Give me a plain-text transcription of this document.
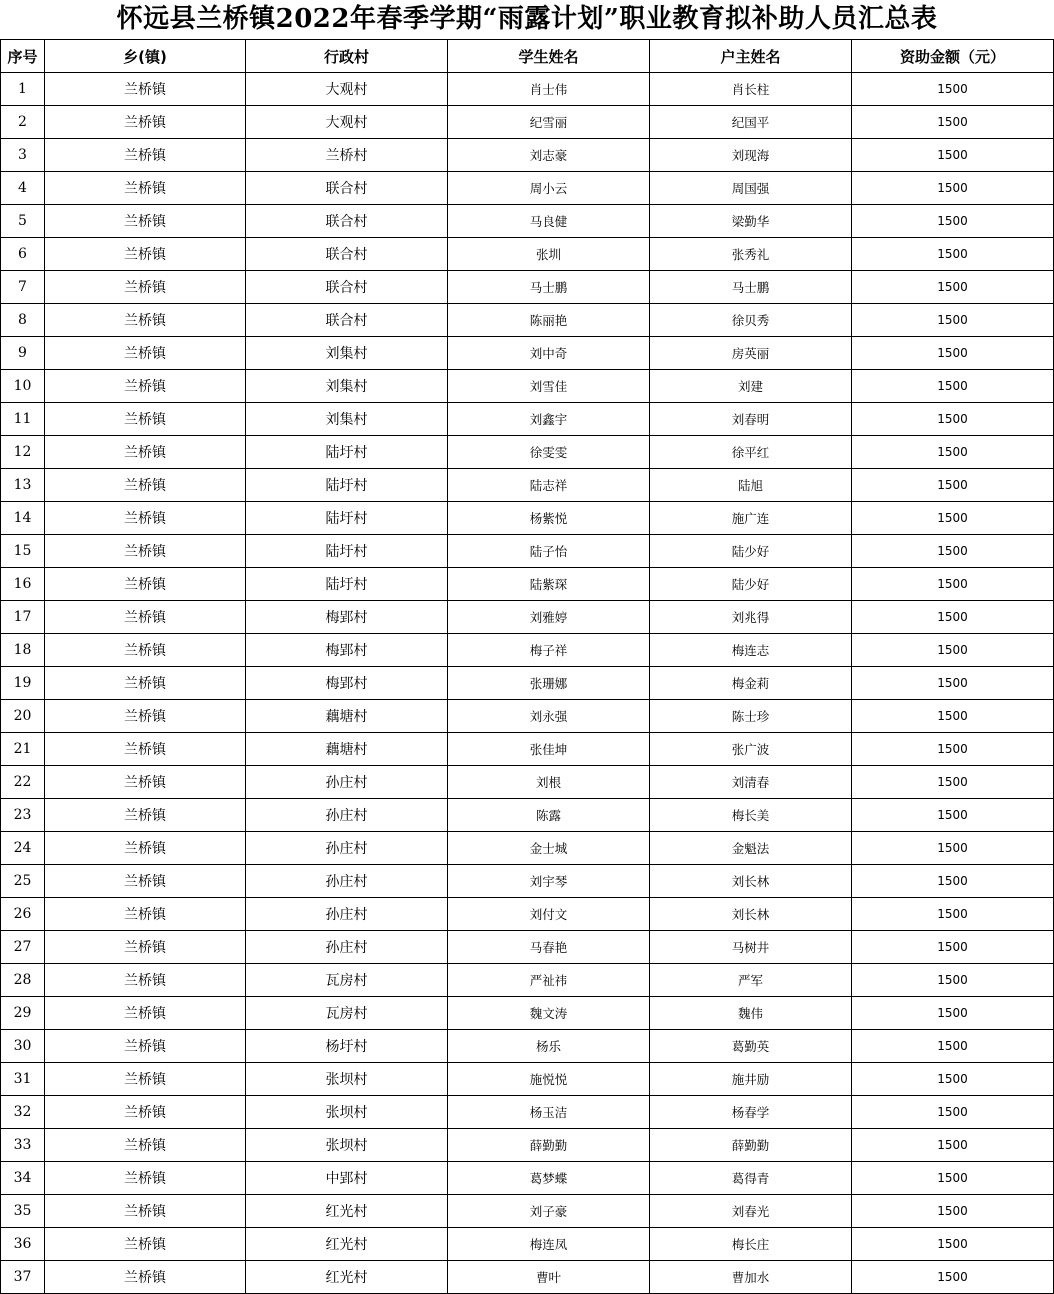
怀远县兰桥镇2022年春季学期“雨露计划”职业教育拟补助人员汇总表
序号	乡(镇)	行政村	学生姓名	户主姓名	资助金额（元）
1	兰桥镇	大观村	肖士伟	肖长柱	1500
2	兰桥镇	大观村	纪雪丽	纪国平	1500
3	兰桥镇	兰桥村	刘志豪	刘现海	1500
4	兰桥镇	联合村	周小云	周国强	1500
5	兰桥镇	联合村	马良健	梁勤华	1500
6	兰桥镇	联合村	张圳	张秀礼	1500
7	兰桥镇	联合村	马士鹏	马士鹏	1500
8	兰桥镇	联合村	陈丽艳	徐贝秀	1500
9	兰桥镇	刘集村	刘中奇	房英丽	1500
10	兰桥镇	刘集村	刘雪佳	刘建	1500
11	兰桥镇	刘集村	刘鑫宇	刘春明	1500
12	兰桥镇	陆圩村	徐雯雯	徐平红	1500
13	兰桥镇	陆圩村	陆志祥	陆旭	1500
14	兰桥镇	陆圩村	杨紫悦	施广连	1500
15	兰桥镇	陆圩村	陆子怡	陆少好	1500
16	兰桥镇	陆圩村	陆紫琛	陆少好	1500
17	兰桥镇	梅郢村	刘雅婷	刘兆得	1500
18	兰桥镇	梅郢村	梅子祥	梅连志	1500
19	兰桥镇	梅郢村	张珊娜	梅金莉	1500
20	兰桥镇	藕塘村	刘永强	陈士珍	1500
21	兰桥镇	藕塘村	张佳坤	张广波	1500
22	兰桥镇	孙庄村	刘根	刘清春	1500
23	兰桥镇	孙庄村	陈露	梅长美	1500
24	兰桥镇	孙庄村	金士城	金魁法	1500
25	兰桥镇	孙庄村	刘宇琴	刘长林	1500
26	兰桥镇	孙庄村	刘付文	刘长林	1500
27	兰桥镇	孙庄村	马春艳	马树井	1500
28	兰桥镇	瓦房村	严祉祎	严军	1500
29	兰桥镇	瓦房村	魏文涛	魏伟	1500
30	兰桥镇	杨圩村	杨乐	葛勤英	1500
31	兰桥镇	张坝村	施悦悦	施井励	1500
32	兰桥镇	张坝村	杨玉洁	杨春学	1500
33	兰桥镇	张坝村	薛勤勤	薛勤勤	1500
34	兰桥镇	中郢村	葛梦蝶	葛得青	1500
35	兰桥镇	红光村	刘子豪	刘春光	1500
36	兰桥镇	红光村	梅连凤	梅长庄	1500
37	兰桥镇	红光村	曹叶	曹加水	1500
